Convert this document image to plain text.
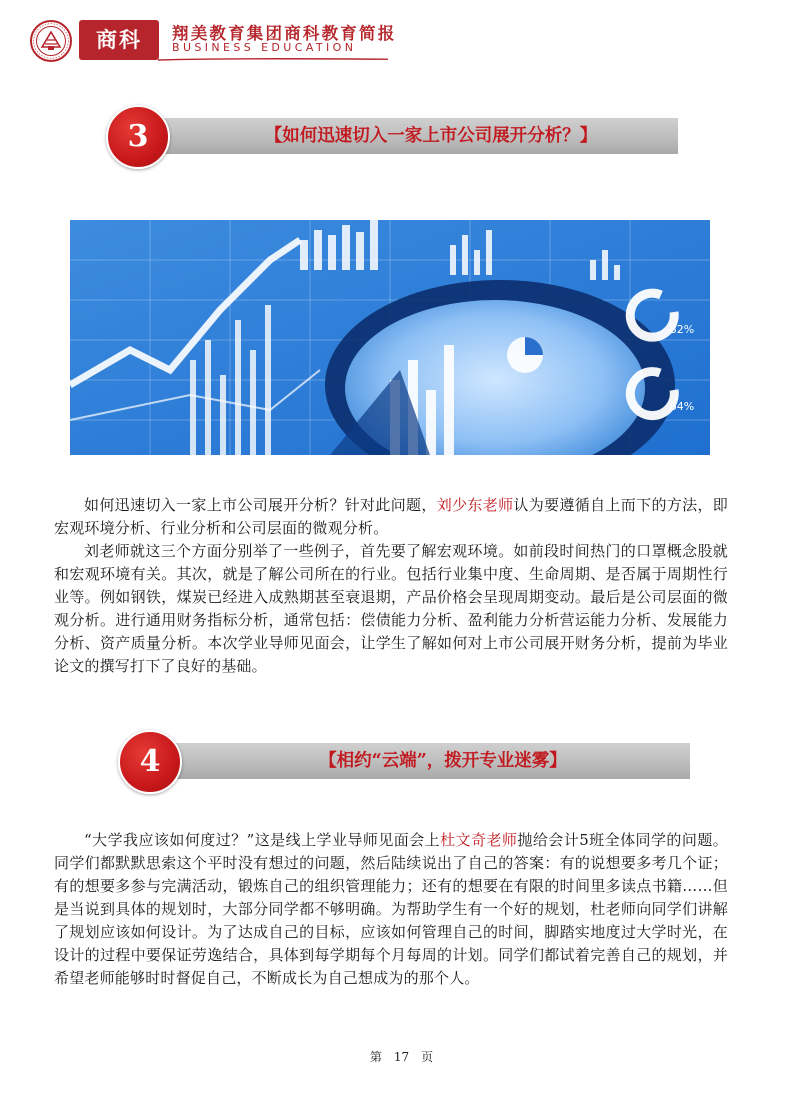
商科	翔美教育集团商科教育简报
BUSINESS EDUCATION
【如何迅速切入一家上市公司展开分析？】
3
82%
64%

如何迅速切入一家上市公司展开分析？针对此问题，刘少东老师认为要遵循自上而下的方法，即宏观环境分析、行业分析和公司层面的微观分析。

刘老师就这三个方面分别举了一些例子，首先要了解宏观环境。如前段时间热门的口罩概念股就和宏观环境有关。其次，就是了解公司所在的行业。包括行业集中度、生命周期、是否属于周期性行业等。例如钢铁，煤炭已经进入成熟期甚至衰退期，产品价格会呈现周期变动。最后是公司层面的微观分析。进行通用财务指标分析，通常包括：偿债能力分析、盈利能力分析营运能力分析、发展能力分析、资产质量分析。本次学业导师见面会，让学生了解如何对上市公司展开财务分析，提前为毕业论文的撰写打下了良好的基础。

【相约“云端”，拨开专业迷雾】
4

“大学我应该如何度过？”这是线上学业导师见面会上杜文奇老师抛给会计5班全体同学的问题。同学们都默默思索这个平时没有想过的问题，然后陆续说出了自己的答案：有的说想要多考几个证；有的想要多参与完满活动，锻炼自己的组织管理能力；还有的想要在有限的时间里多读点书籍……但是当说到具体的规划时，大部分同学都不够明确。为帮助学生有一个好的规划，杜老师向同学们讲解了规划应该如何设计。为了达成自己的目标，应该如何管理自己的时间，脚踏实地度过大学时光，在设计的过程中要保证劳逸结合，具体到每学期每个月每周的计划。同学们都试着完善自己的规划，并希望老师能够时时督促自己，不断成长为自己想成为的那个人。

第　17　页
